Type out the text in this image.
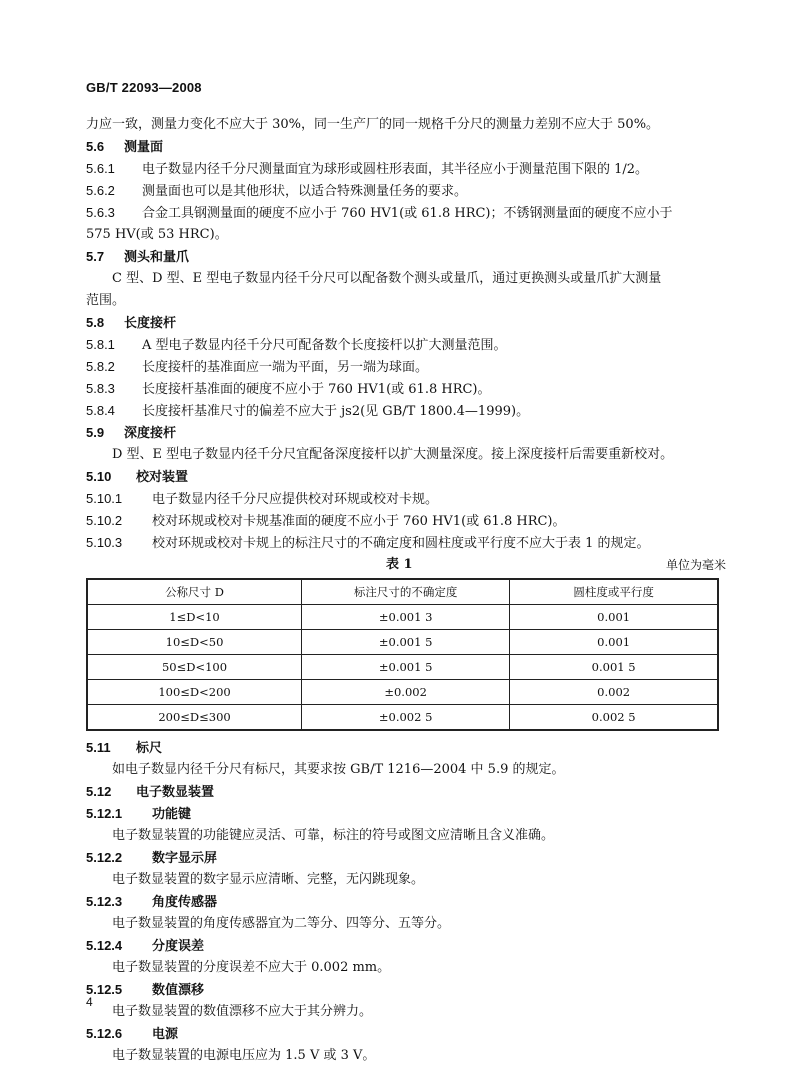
GB/T 22093—2008
力应一致，测量力变化不应大于 30%，同一生产厂的同一规格千分尺的测量力差别不应大于 50%。
5.6 测量面
5.6.1 电子数显内径千分尺测量面宜为球形或圆柱形表面，其半径应小于测量范围下限的 1/2。
5.6.2 测量面也可以是其他形状，以适合特殊测量任务的要求。
5.6.3 合金工具钢测量面的硬度不应小于 760 HV1(或 61.8 HRC)；不锈钢测量面的硬度不应小于
575 HV(或 53 HRC)。
5.7 测头和量爪
C 型、D 型、E 型电子数显内径千分尺可以配备数个测头或量爪，通过更换测头或量爪扩大测量
范围。
5.8 长度接杆
5.8.1 A 型电子数显内径千分尺可配备数个长度接杆以扩大测量范围。
5.8.2 长度接杆的基准面应一端为平面，另一端为球面。
5.8.3 长度接杆基准面的硬度不应小于 760 HV1(或 61.8 HRC)。
5.8.4 长度接杆基准尺寸的偏差不应大于 js2(见 GB/T 1800.4—1999)。
5.9 深度接杆
D 型、E 型电子数显内径千分尺宜配备深度接杆以扩大测量深度。接上深度接杆后需要重新校对。
5.10 校对装置
5.10.1 电子数显内径千分尺应提供校对环规或校对卡规。
5.10.2 校对环规或校对卡规基准面的硬度不应小于 760 HV1(或 61.8 HRC)。
5.10.3 校对环规或校对卡规上的标注尺寸的不确定度和圆柱度或平行度不应大于表 1 的规定。
表 1	单位为毫米
公称尺寸 D	标注尺寸的不确定度	圆柱度或平行度
1≤D<10	±0.001 3	0.001
10≤D<50	±0.001 5	0.001
50≤D<100	±0.001 5	0.001 5
100≤D<200	±0.002	0.002
200≤D≤300	±0.002 5	0.002 5
5.11 标尺
如电子数显内径千分尺有标尺，其要求按 GB/T 1216—2004 中 5.9 的规定。
5.12 电子数显装置
5.12.1 功能键
电子数显装置的功能键应灵活、可靠，标注的符号或图文应清晰且含义准确。
5.12.2 数字显示屏
电子数显装置的数字显示应清晰、完整，无闪跳现象。
5.12.3 角度传感器
电子数显装置的角度传感器宜为二等分、四等分、五等分。
5.12.4 分度误差
电子数显装置的分度误差不应大于 0.002 mm。
5.12.5 数值漂移
电子数显装置的数值漂移不应大于其分辨力。
5.12.6 电源
电子数显装置的电源电压应为 1.5 V 或 3 V。
4
